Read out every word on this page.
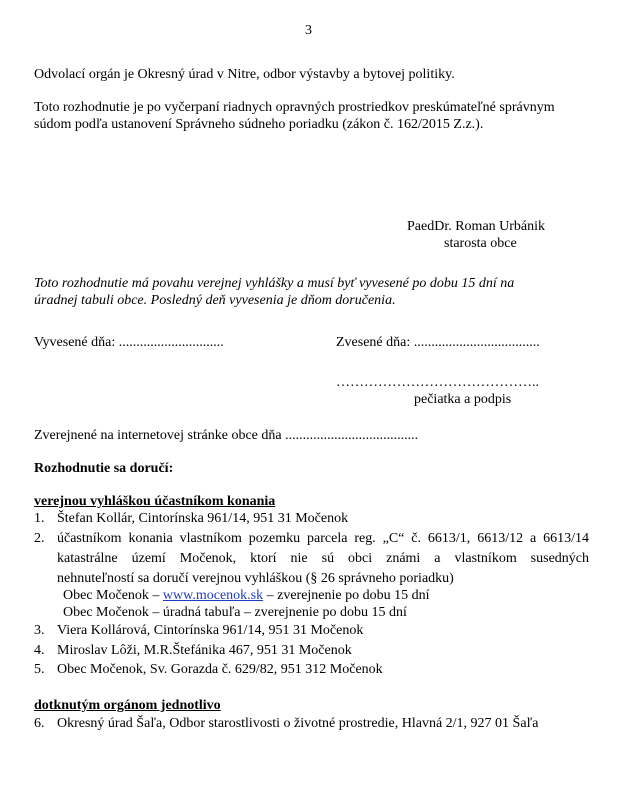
3
Odvolací orgán je Okresný úrad v Nitre, odbor výstavby a bytovej politiky.
Toto rozhodnutie je po vyčerpaní riadnych opravných prostriedkov preskúmateľné správnym
súdom podľa ustanovení Správneho súdneho poriadku (zákon č. 162/2015 Z.z.).
PaedDr. Roman Urbánik
starosta obce
Toto rozhodnutie má povahu verejnej vyhlášky a musí byť vyvesené po dobu 15 dní na
úradnej tabuli obce. Posledný deň vyvesenia je dňom doručenia.
Vyvesené dňa: ..............................	Zvesené dňa: ....................................
……………………………………..
pečiatka a podpis
Zverejnené na internetovej stránke obce dňa ......................................
Rozhodnutie sa doručí:
verejnou vyhláškou účastníkom konania
1. Štefan Kollár, Cintorínska 961/14, 951 31 Močenok
2. účastníkom konania vlastníkom pozemku parcela reg. „C“ č. 6613/1, 6613/12 a 6613/14
katastrálne území Močenok, ktorí nie sú obci známi a vlastníkom susedných
nehnuteľností sa doručí verejnou vyhláškou (§ 26 správneho poriadku)
Obec Močenok – www.mocenok.sk – zverejnenie po dobu 15 dní
Obec Močenok – úradná tabuľa – zverejnenie po dobu 15 dní
3. Viera Kollárová, Cintorínska 961/14, 951 31 Močenok
4. Miroslav Lôži, M.R.Štefánika 467, 951 31 Močenok
5. Obec Močenok, Sv. Gorazda č. 629/82, 951 312 Močenok
dotknutým orgánom jednotlivo
6. Okresný úrad Šaľa, Odbor starostlivosti o životné prostredie, Hlavná 2/1, 927 01 Šaľa
